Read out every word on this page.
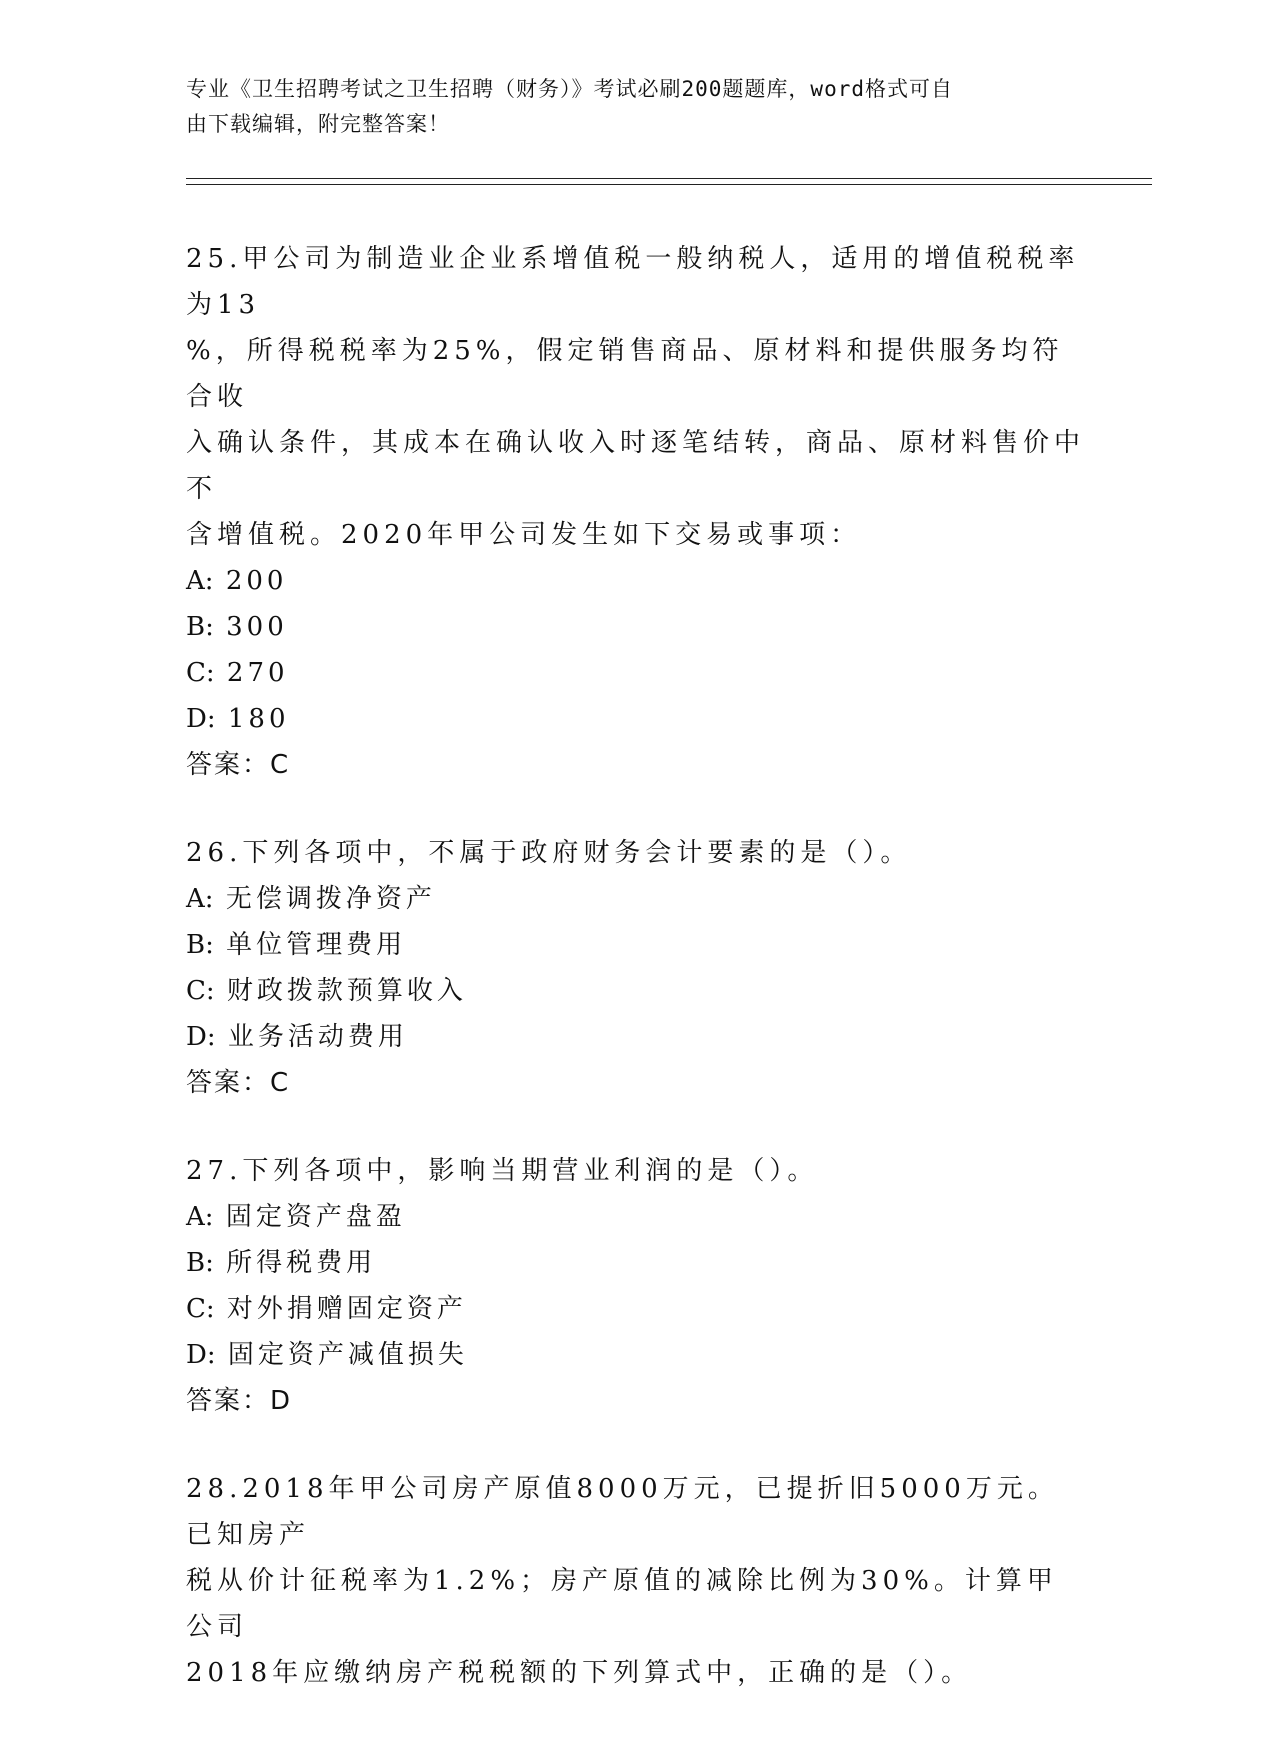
专业《卫生招聘考试之卫生招聘（财务）》考试必刷200题题库，word格式可自
由下载编辑，附完整答案！

25.甲公司为制造业企业系增值税一般纳税人，适用的增值税税率为13

%，所得税税率为25%，假定销售商品、原材料和提供服务均符合收

入确认条件，其成本在确认收入时逐笔结转，商品、原材料售价中不

含增值税。2020年甲公司发生如下交易或事项：

A: 200

B: 300

C: 270

D: 180

答案：C

26.下列各项中，不属于政府财务会计要素的是（）。

A: 无偿调拨净资产

B: 单位管理费用

C: 财政拨款预算收入

D: 业务活动费用

答案：C

27.下列各项中，影响当期营业利润的是（）。

A: 固定资产盘盈

B: 所得税费用

C: 对外捐赠固定资产

D: 固定资产减值损失

答案：D

28.2018年甲公司房产原值8000万元，已提折旧5000万元。已知房产

税从价计征税率为1.2%；房产原值的减除比例为30%。计算甲公司

2018年应缴纳房产税税额的下列算式中，正确的是（）。
